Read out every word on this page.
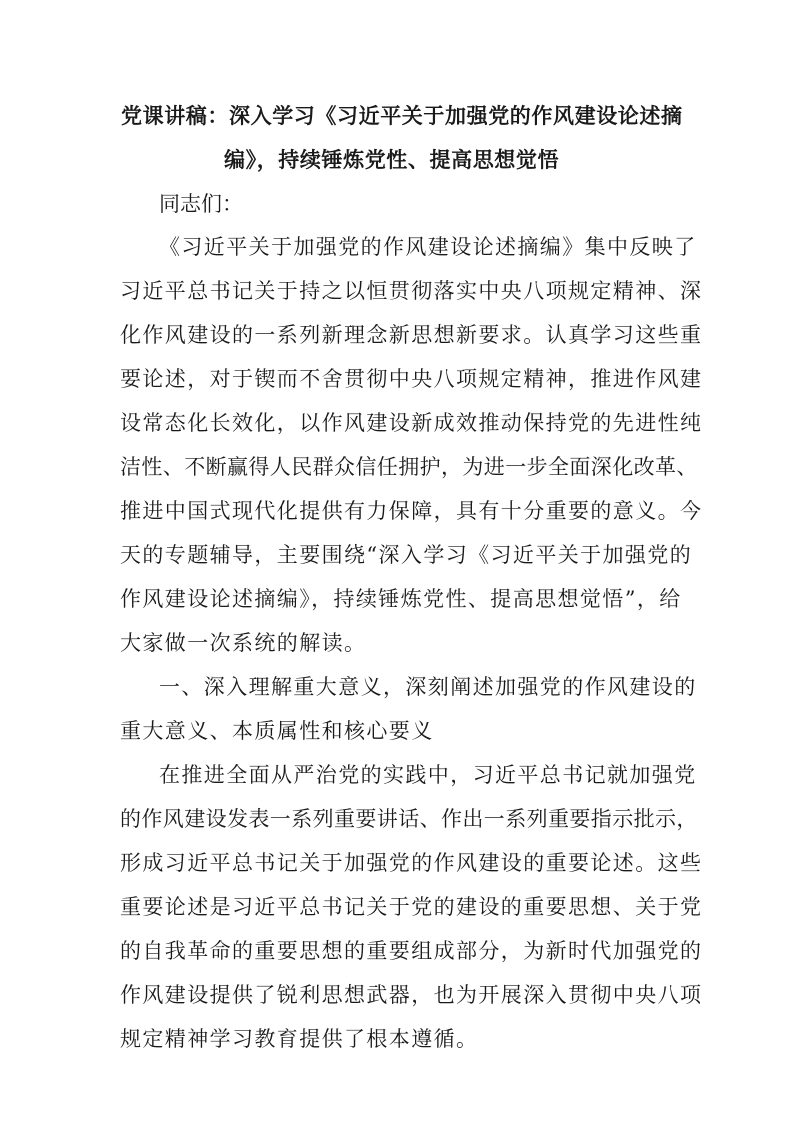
党课讲稿：深入学习《习近平关于加强党的作风建设论述摘
编》，持续锤炼党性、提高思想觉悟

同志们：

《习近平关于加强党的作风建设论述摘编》集中反映了

习近平总书记关于持之以恒贯彻落实中央八项规定精神、深

化作风建设的一系列新理念新思想新要求。认真学习这些重

要论述，对于锲而不舍贯彻中央八项规定精神，推进作风建

设常态化长效化，以作风建设新成效推动保持党的先进性纯

洁性、不断赢得人民群众信任拥护，为进一步全面深化改革、

推进中国式现代化提供有力保障，具有十分重要的意义。今

天的专题辅导，主要围绕“深入学习《习近平关于加强党的

作风建设论述摘编》，持续锤炼党性、提高思想觉悟”，给

大家做一次系统的解读。

一、深入理解重大意义，深刻阐述加强党的作风建设的

重大意义、本质属性和核心要义

在推进全面从严治党的实践中，习近平总书记就加强党

的作风建设发表一系列重要讲话、作出一系列重要指示批示，

形成习近平总书记关于加强党的作风建设的重要论述。这些

重要论述是习近平总书记关于党的建设的重要思想、关于党

的自我革命的重要思想的重要组成部分，为新时代加强党的

作风建设提供了锐利思想武器，也为开展深入贯彻中央八项

规定精神学习教育提供了根本遵循。
